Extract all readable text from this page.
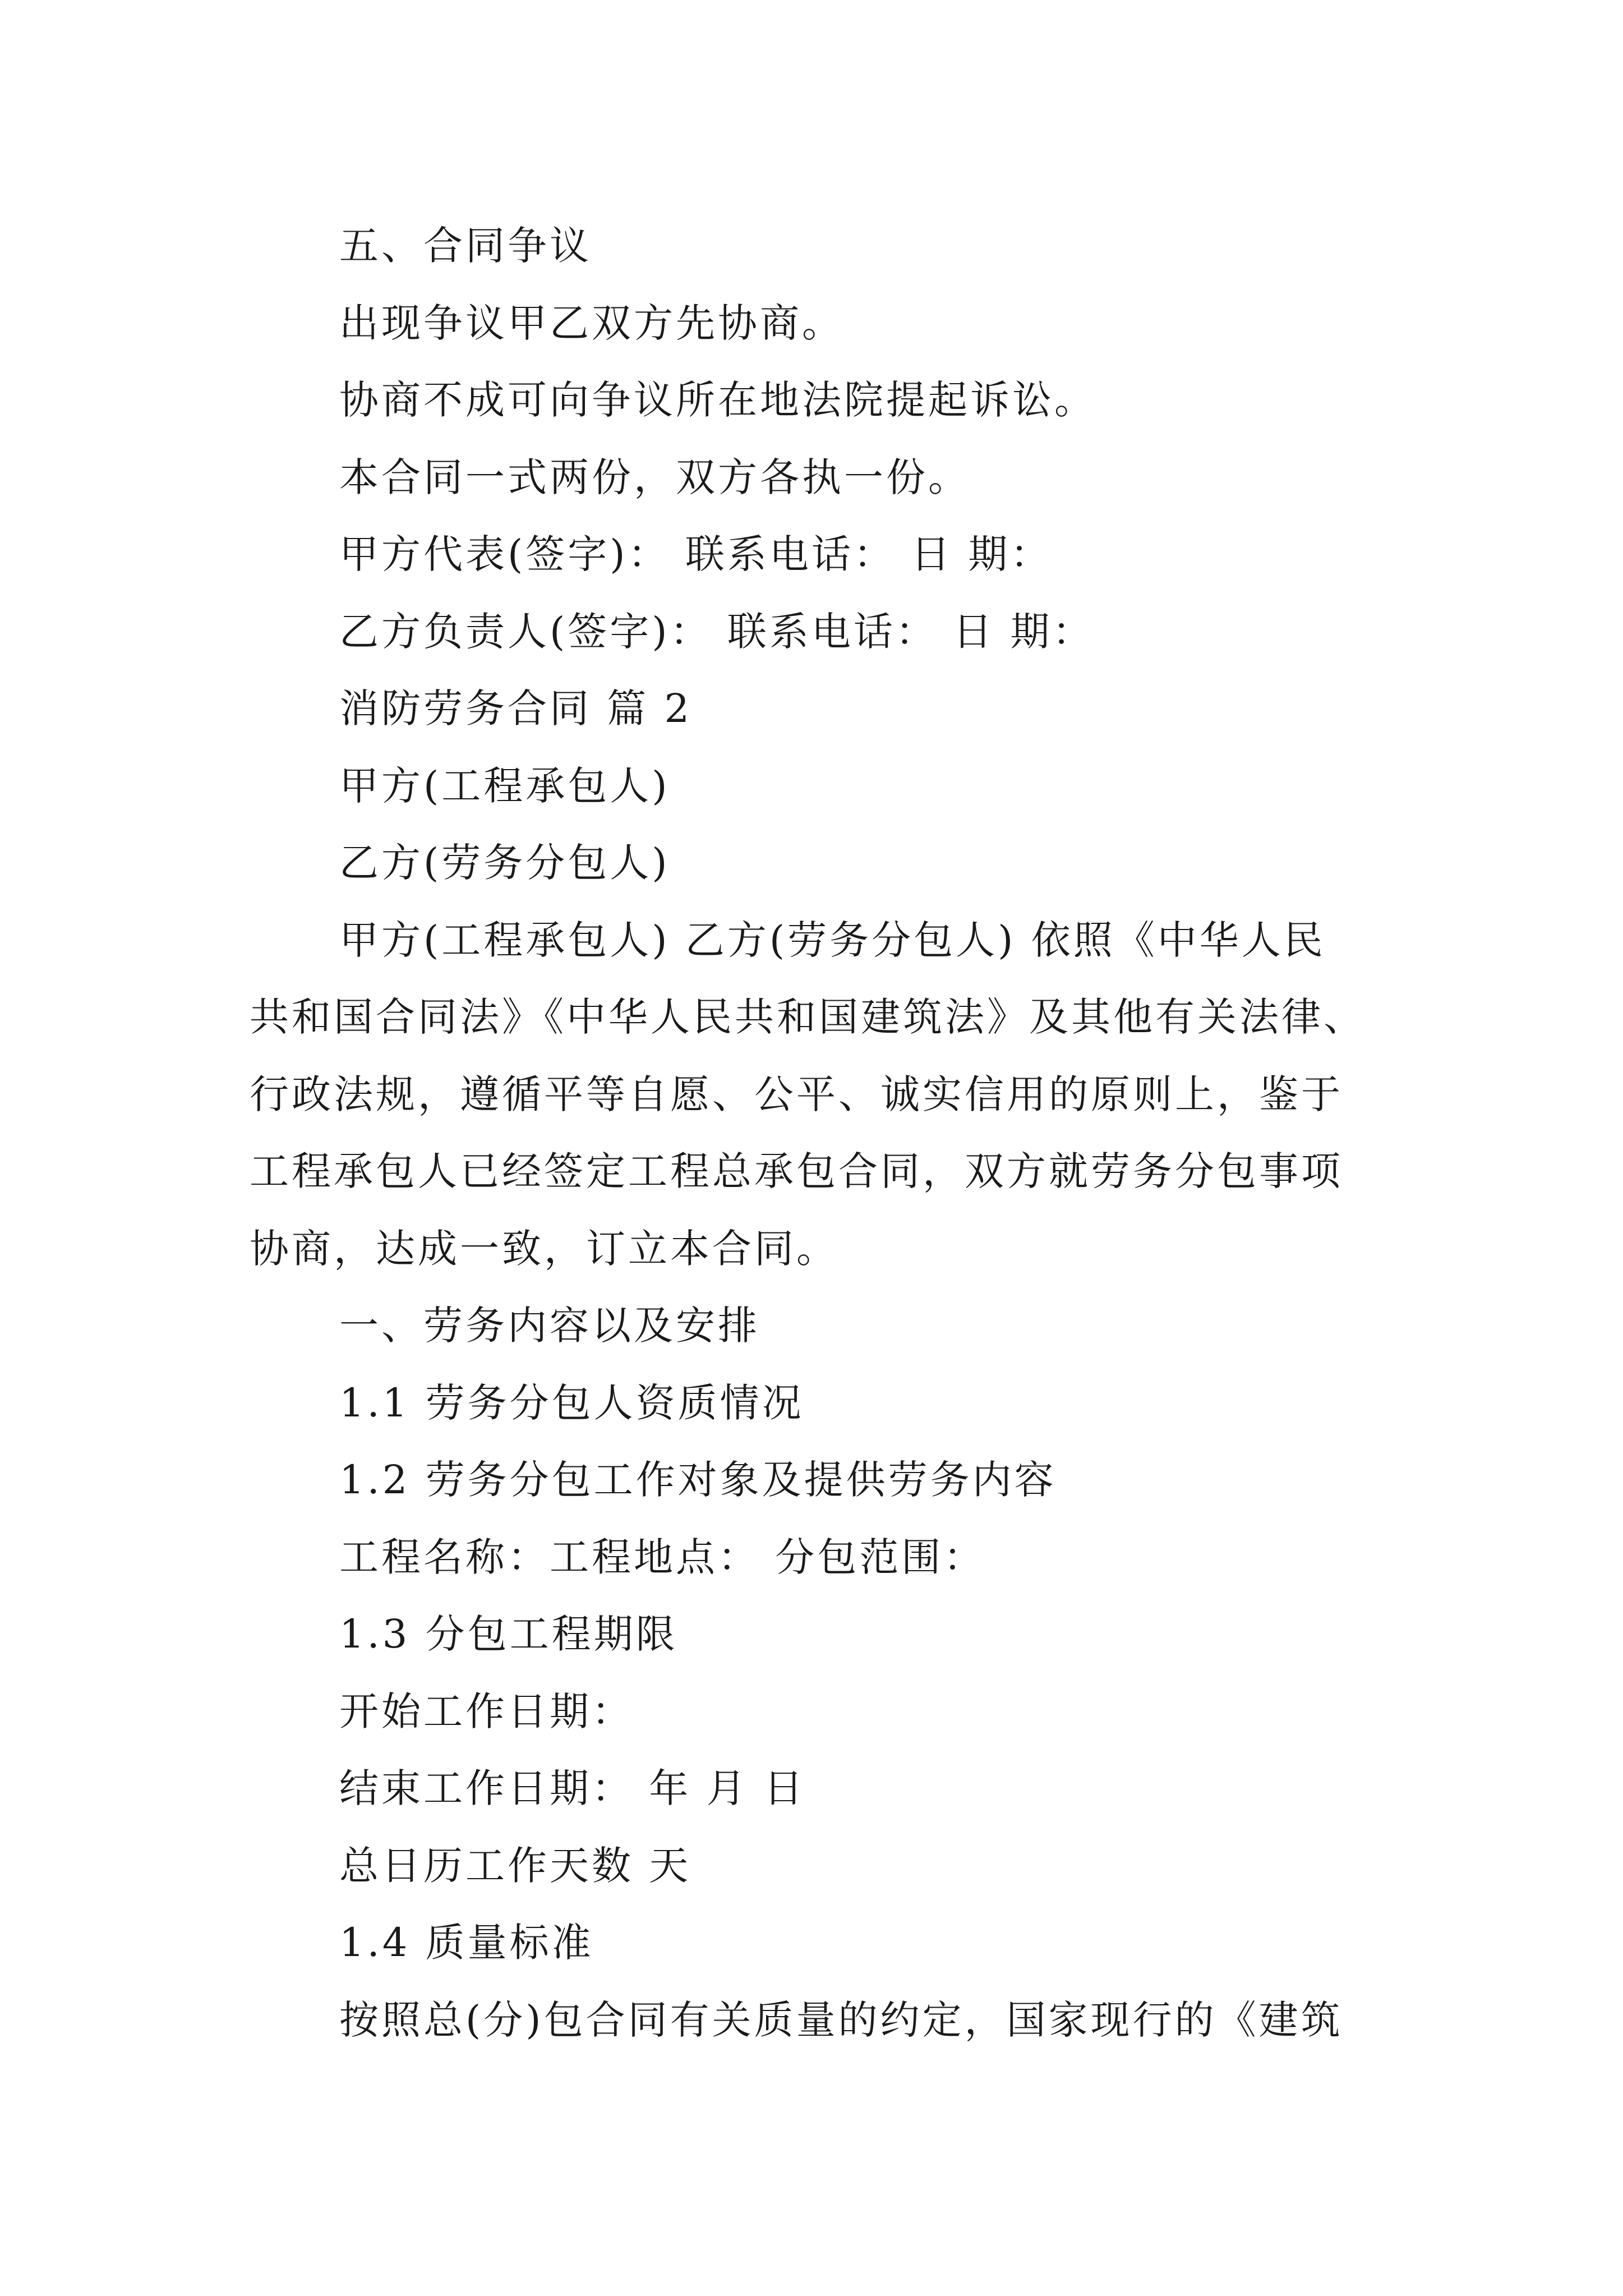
五、合同争议

出现争议甲乙双方先协商。

协商不成可向争议所在地法院提起诉讼。

本合同一式两份，双方各执一份。

甲方代表(签字)： 联系电话： 日 期：

乙方负责人(签字)： 联系电话： 日 期：

消防劳务合同 篇 2

甲方(工程承包人)

乙方(劳务分包人)

甲方(工程承包人) 乙方(劳务分包人) 依照《中华人民
共和国合同法》《中华人民共和国建筑法》及其他有关法律、
行政法规，遵循平等自愿、公平、诚实信用的原则上，鉴于
工程承包人已经签定工程总承包合同，双方就劳务分包事项
协商，达成一致，订立本合同。

一、劳务内容以及安排

1.1 劳务分包人资质情况

1.2 劳务分包工作对象及提供劳务内容

工程名称：工程地点： 分包范围：

1.3 分包工程期限

开始工作日期：

结束工作日期： 年 月 日

总日历工作天数 天

1.4 质量标准

按照总(分)包合同有关质量的约定，国家现行的《建筑
